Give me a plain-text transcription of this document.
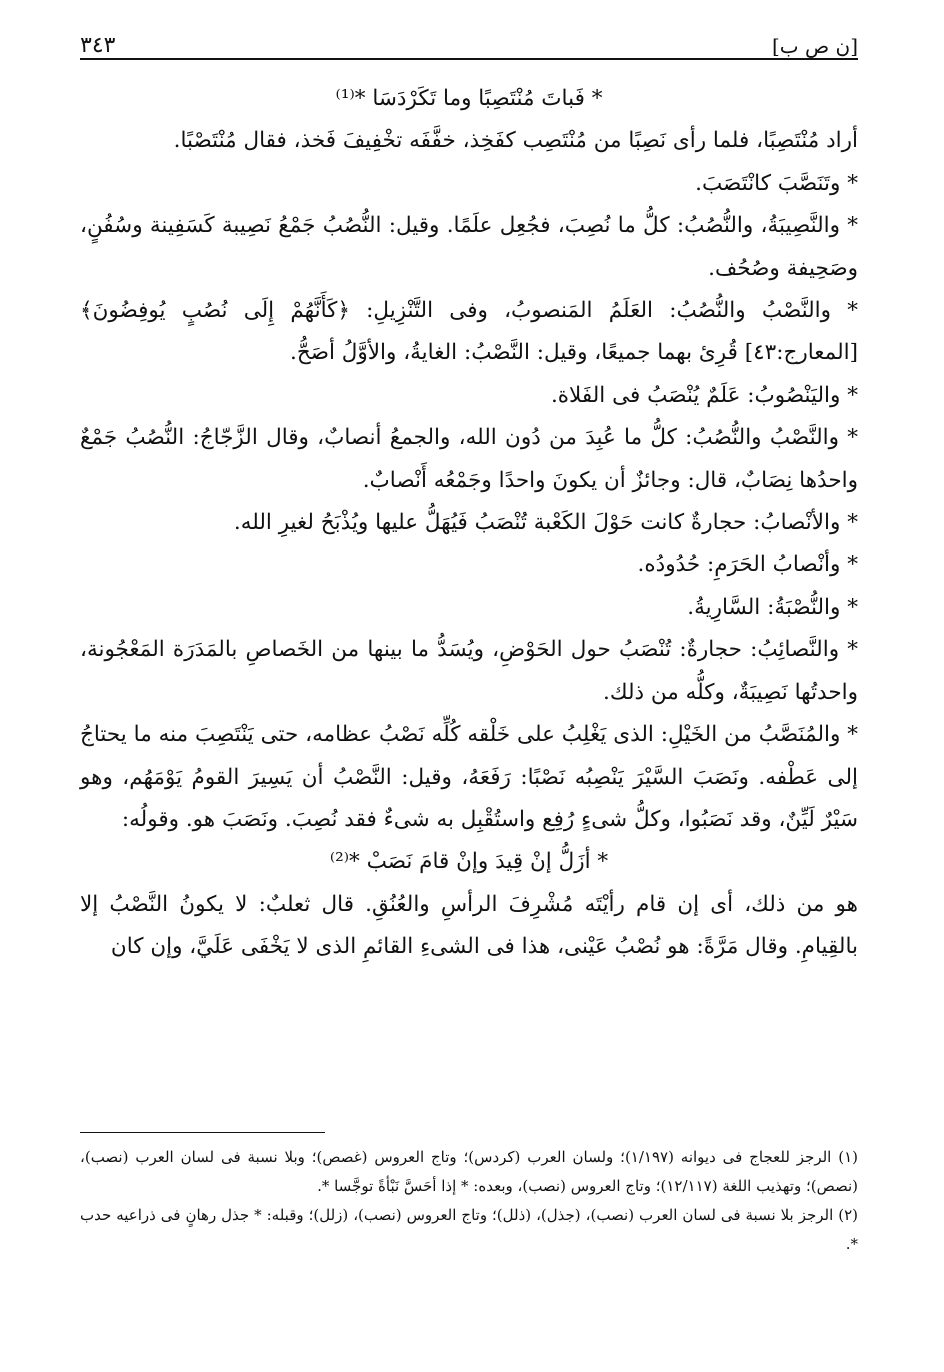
[ن ص ب]
٣٤٣

* فَباتَ مُنْتَصِبًا وما تَكَرْدَسَا *⁽¹⁾

أراد مُنْتَصِبًا، فلما رأى نَصِبًا من مُنْتَصِب كفَخِذ، خفَّفَه تخْفِيفَ فَخذ، فقال مُنْتَصْبًا.

* وتَنَصَّبَ كانْتَصَبَ.

* والنَّصِيبَةُ، والنُّصُبُ: كلُّ ما نُصِبَ، فجُعِل علَمًا. وقيل: النُّصُبُ جَمْعُ نَصِيبة كَسَفِينة وسُفُنٍ، وصَحِيفة وصُحُف.

* والنَّصْبُ والنُّصُبُ: العَلَمُ المَنصوبُ، وفى التَّنْزِيلِ: ﴿كَأَنَّهُمْ إِلَى نُصُبٍ يُوفِضُونَ﴾ [المعارج:٤٣] قُرِئ بهما جميعًا، وقيل: النَّصْبُ: الغايةُ، والأوَّلُ أصَحُّ.

* واليَنْصُوبُ: عَلَمٌ يُنْصَبُ فى الفَلاة.

* والنَّصْبُ والنُّصُبُ: كلُّ ما عُبِدَ من دُون الله، والجمعُ أنصابٌ، وقال الزَّجّاجُ: النُّصُبُ جَمْعٌ واحدُها نِصَابٌ، قال: وجائزٌ أن يكونَ واحدًا وجَمْعُه أَنْصابٌ.

* والأنْصابُ: حجارةٌ كانت حَوْلَ الكَعْبة تُنْصَبُ فَيُهَلُّ عليها ويُذْبَحُ لغيرِ الله.

* وأنْصابُ الحَرَمِ: حُدُودُه.

* والنُّصْبَةُ: السَّارِيةُ.

* والنَّصائِبُ: حجارةٌ: تُنْصَبُ حول الحَوْضِ، ويُسَدُّ ما بينها من الخَصاصِ بالمَدَرَة المَعْجُونة، واحدتُها نَصِيبَةٌ، وكلُّه من ذلك.

* والمُنَصَّبُ من الخَيْلِ: الذى يَغْلِبُ على خَلْقه كُلِّه نَصْبُ عظامه، حتى يَنْتَصِبَ منه ما يحتاجُ إلى عَطْفه. ونَصَبَ السَّيْرَ يَنْصِبُه نَصْبًا: رَفَعَهُ، وقيل: النَّصْبُ أن يَسِيرَ القومُ يَوْمَهُم، وهو سَيْرٌ لَيِّنٌ، وقد نَصَبُوا، وكلُّ شىءٍ رُفِع واستُقْبِل به شىءٌ فقد نُصِبَ. ونَصَبَ هو. وقولُه:

* أزَلُّ إنْ قِيدَ وإنْ قامَ نَصَبْ *⁽²⁾

هو من ذلك، أى إن قام رأيْتَه مُشْرِفَ الرأسِ والعُنُقِ. قال ثعلبٌ: لا يكونُ النَّصْبُ إلا بالقِيامِ. وقال مَرَّةً: هو نُصْبُ عَيْنى، هذا فى الشىءِ القائمِ الذى لا يَخْفَى عَلَيَّ، وإن كان

(١) الرجز للعجاج فى ديوانه (١/١٩٧)؛ ولسان العرب (كردس)؛ وتاج العروس (غصص)؛ وبلا نسبة فى لسان العرب (نصب)، (نصص)؛ وتهذيب اللغة (١٢/١١٧)؛ وتاج العروس (نصب)، وبعده: * إذا أحَسَّ نَبْأةً توجَّسا *.

(٢) الرجز بلا نسبة فى لسان العرب (نصب)، (جذل)، (ذلل)؛ وتاج العروس (نصب)، (زلل)؛ وقبله: * جذل رهانٍ فى ذراعيه حدب *.
